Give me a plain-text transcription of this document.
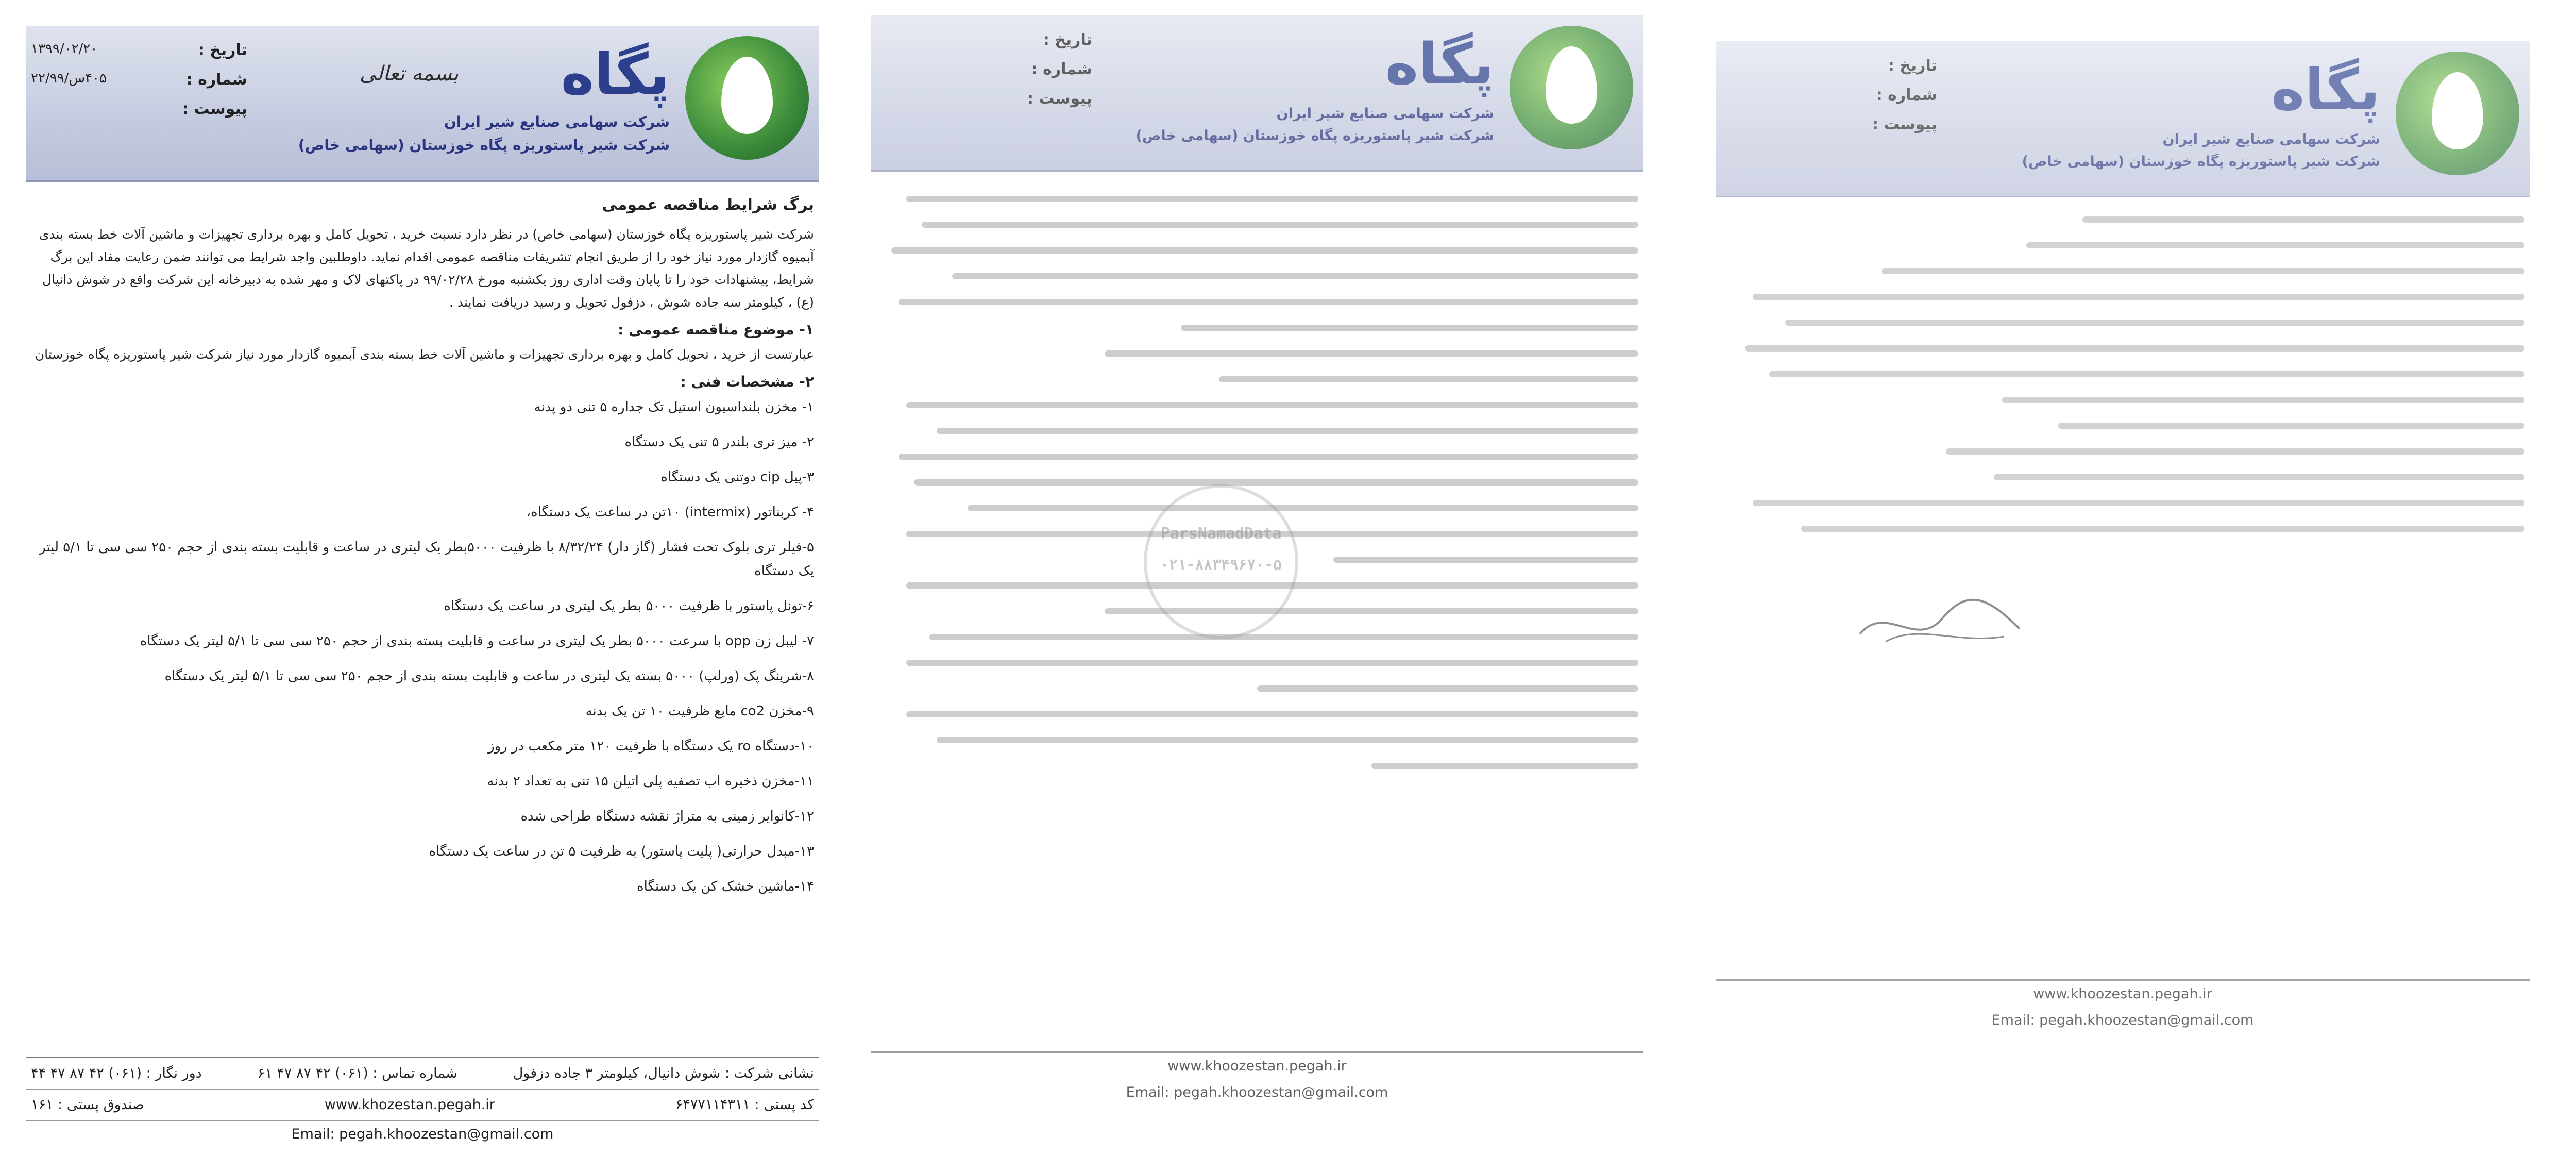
پگاه
بسمه تعالی
شرکت سهامی صنایع شیر ایران
شرکت شیر پاستوریزه پگاه خوزستان (سهامی خاص)
تاریخ :
۱۳۹۹/۰۲/۲۰
شماره :
۴۰۵س/۲۲/۹۹
پیوست :

برگ شرایط مناقصه عمومی

شرکت شیر پاستوریزه پگاه خوزستان (سهامی خاص) در نظر دارد نسبت خرید ، تحویل کامل و بهره برداری تجهیزات و ماشین آلات خط بسته بندی آبمیوه گازدار مورد نیاز خود را از طریق انجام تشریفات مناقصه عمومی اقدام نماید. داوطلبین واجد شرایط می توانند ضمن رعایت مفاد این برگ شرایط، پیشنهادات خود را تا پایان وقت اداری روز یکشنبه مورخ ۹۹/۰۲/۲۸ در پاکتهای لاک و مهر شده به دبیرخانه این شرکت واقع در شوش دانیال (ع) ، کیلومتر سه جاده شوش ، دزفول تحویل و رسید دریافت نمایند .

۱- موضوع مناقصه عمومی :

عبارتست از خرید ، تحویل کامل و بهره برداری تجهیزات و ماشین آلات خط بسته بندی آبمیوه گازدار مورد نیاز شرکت شیر پاستوریزه پگاه خوزستان

۲- مشخصات فنی :

۱- مخزن بلنداسیون استیل تک جداره ۵ تنی دو پدنه

۲- میز تری بلندر ۵ تنی یک دستگاه

۳-پیل cip دوتنی یک دستگاه

۴- کربناتور (intermix) ۱۰تن در ساعت یک دستگاه،

۵-فیلر تری بلوک تحت فشار (گاز دار) ۸/۳۲/۲۴ با ظرفیت ۵۰۰۰بطر یک لیتری در ساعت و قابلیت بسته بندی از حجم ۲۵۰ سی سی تا ۵/۱ لیتر یک دستگاه

۶-تونل پاستور با ظرفیت ۵۰۰۰ بطر یک لیتری در ساعت یک دستگاه

۷- لیبل زن opp با سرعت ۵۰۰۰ بطر یک لیتری در ساعت و قابلیت بسته بندی از حجم ۲۵۰ سی سی تا ۵/۱ لیتر یک دستگاه

۸-شرینگ پک (ورلپ) ۵۰۰۰ بسته یک لیتری در ساعت و قابلیت بسته بندی از حجم ۲۵۰ سی سی تا ۵/۱ لیتر یک دستگاه

۹-مخزن co2 مایع ظرفیت ۱۰ تن یک بدنه

۱۰-دستگاه ro یک دستگاه با ظرفیت ۱۲۰ متر مکعب در روز

۱۱-مخزن ذخیره اب تصفیه پلی اتیلن ۱۵ تنی به تعداد ۲ بدنه

۱۲-کانوایر زمینی به متراژ نقشه دستگاه طراحی شده

۱۳-مبدل حرارتی( پلیت پاستور) به ظرفیت ۵ تن در ساعت یک دستگاه

۱۴-ماشین خشک کن یک دستگاه

نشانی شرکت : شوش دانیال، کیلومتر ۳ جاده دزفول
شماره تماس : (۰۶۱) ۴۲ ۸۷ ۴۷ ۶۱
دور نگار : (۰۶۱) ۴۲ ۸۷ ۴۷ ۴۴
کد پستی : ۶۴۷۷۱۱۴۳۱۱
www.khozestan.pegah.ir
صندوق پستی : ۱۶۱
Email: pegah.khoozestan@gmail.com
پگاه
شرکت سهامی صنایع شیر ایران
شرکت شیر پاستوریزه پگاه خوزستان (سهامی خاص)
تاریخ :
شماره :
پیوست :
ParsNamadData
۰۲۱-۸۸۳۴۹۶۷۰-۵
www.khoozestan.pegah.ir
Email: pegah.khoozestan@gmail.com
پگاه
شرکت سهامی صنایع شیر ایران
شرکت شیر پاستوریزه پگاه خوزستان (سهامی خاص)
تاریخ :
شماره :
پیوست :
www.khoozestan.pegah.ir
Email: pegah.khoozestan@gmail.com
